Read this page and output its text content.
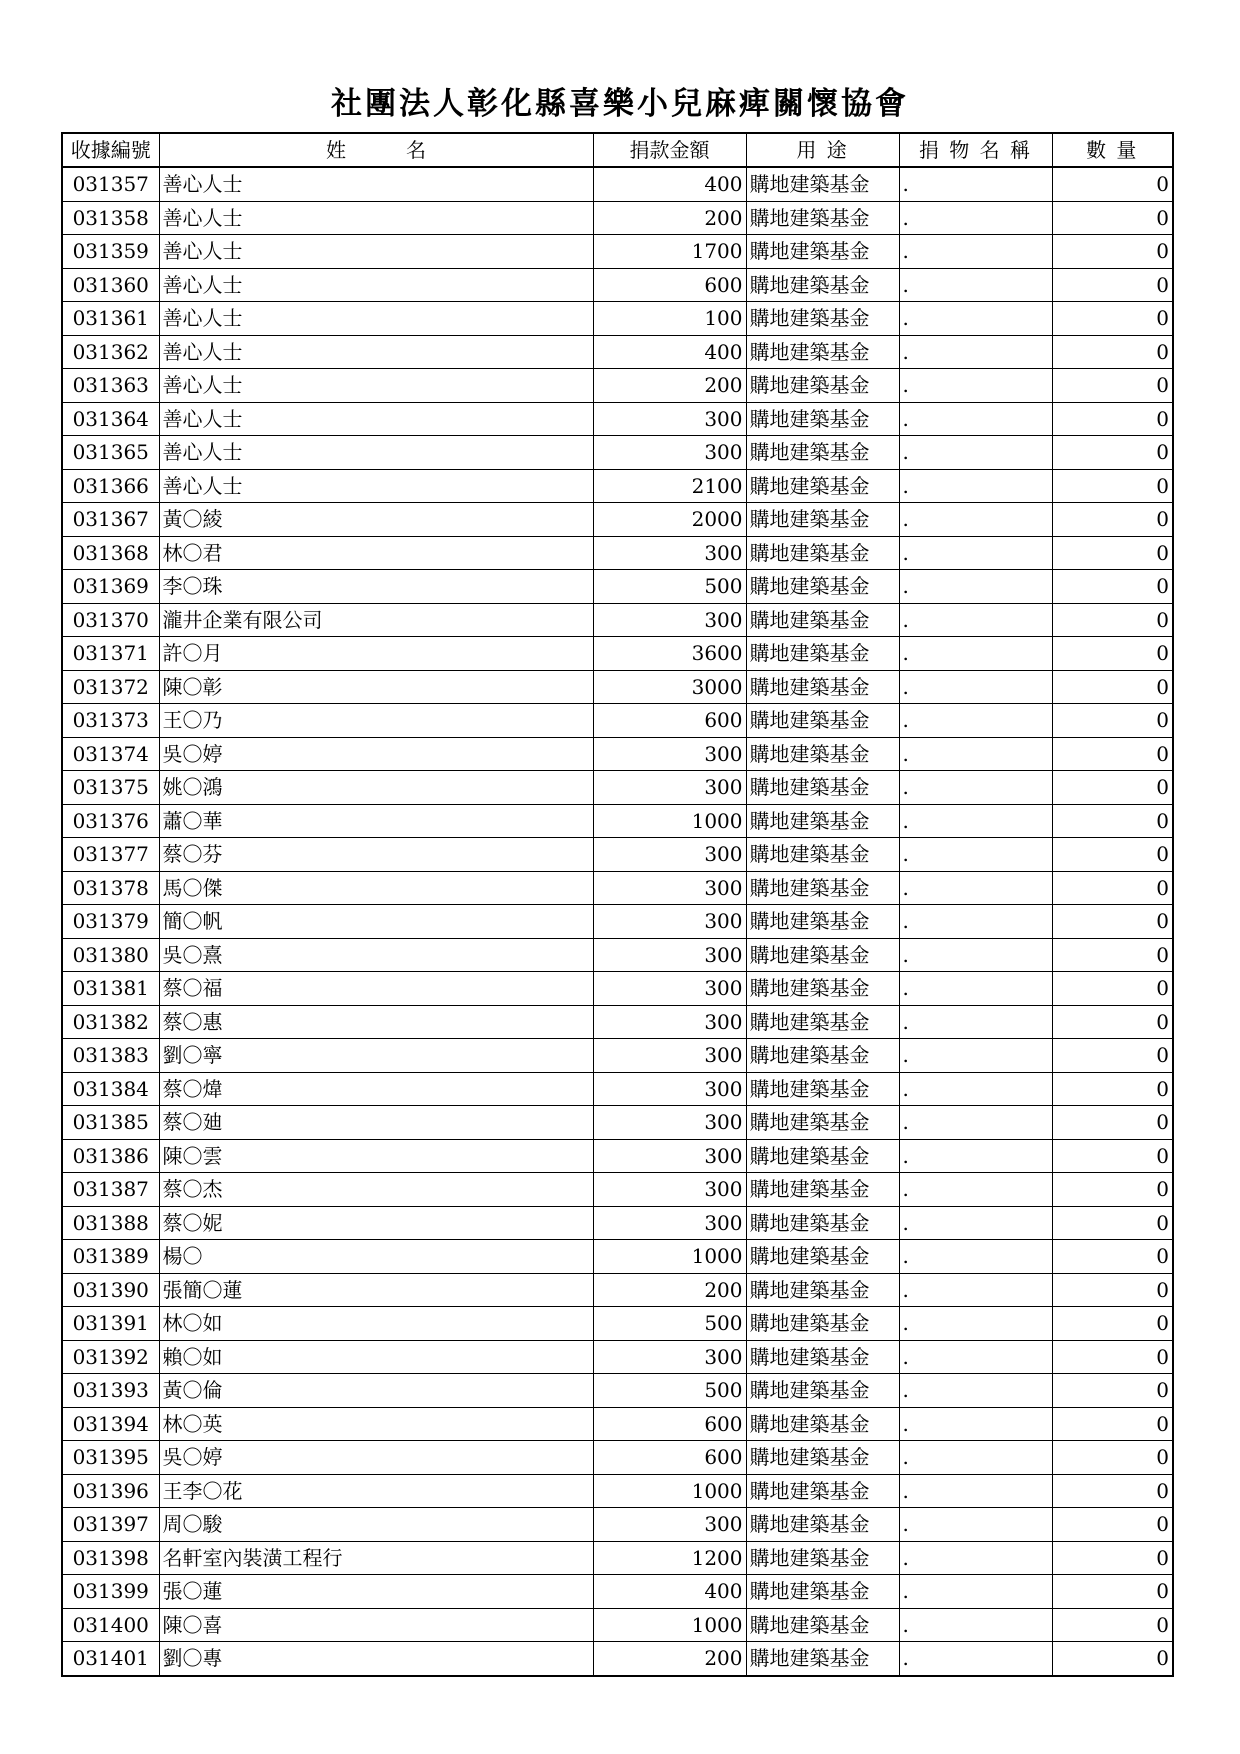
社團法人彰化縣喜樂小兒麻痺關懷協會
收據編號	姓 名	捐款金額	用 途	捐 物 名 稱	數 量
031357	善心人士	400	購地建築基金	.	0
031358	善心人士	200	購地建築基金	.	0
031359	善心人士	1700	購地建築基金	.	0
031360	善心人士	600	購地建築基金	.	0
031361	善心人士	100	購地建築基金	.	0
031362	善心人士	400	購地建築基金	.	0
031363	善心人士	200	購地建築基金	.	0
031364	善心人士	300	購地建築基金	.	0
031365	善心人士	300	購地建築基金	.	0
031366	善心人士	2100	購地建築基金	.	0
031367	黃〇綾	2000	購地建築基金	.	0
031368	林〇君	300	購地建築基金	.	0
031369	李〇珠	500	購地建築基金	.	0
031370	瀧井企業有限公司	300	購地建築基金	.	0
031371	許〇月	3600	購地建築基金	.	0
031372	陳〇彰	3000	購地建築基金	.	0
031373	王〇乃	600	購地建築基金	.	0
031374	吳〇婷	300	購地建築基金	.	0
031375	姚〇鴻	300	購地建築基金	.	0
031376	蕭〇華	1000	購地建築基金	.	0
031377	蔡〇芬	300	購地建築基金	.	0
031378	馬〇傑	300	購地建築基金	.	0
031379	簡〇帆	300	購地建築基金	.	0
031380	吳〇熹	300	購地建築基金	.	0
031381	蔡〇福	300	購地建築基金	.	0
031382	蔡〇惠	300	購地建築基金	.	0
031383	劉〇寧	300	購地建築基金	.	0
031384	蔡〇煒	300	購地建築基金	.	0
031385	蔡〇廸	300	購地建築基金	.	0
031386	陳〇雲	300	購地建築基金	.	0
031387	蔡〇杰	300	購地建築基金	.	0
031388	蔡〇妮	300	購地建築基金	.	0
031389	楊〇	1000	購地建築基金	.	0
031390	張簡〇蓮	200	購地建築基金	.	0
031391	林〇如	500	購地建築基金	.	0
031392	賴〇如	300	購地建築基金	.	0
031393	黃〇倫	500	購地建築基金	.	0
031394	林〇英	600	購地建築基金	.	0
031395	吳〇婷	600	購地建築基金	.	0
031396	王李〇花	1000	購地建築基金	.	0
031397	周〇駿	300	購地建築基金	.	0
031398	名軒室內裝潢工程行	1200	購地建築基金	.	0
031399	張〇蓮	400	購地建築基金	.	0
031400	陳〇喜	1000	購地建築基金	.	0
031401	劉〇專	200	購地建築基金	.	0
